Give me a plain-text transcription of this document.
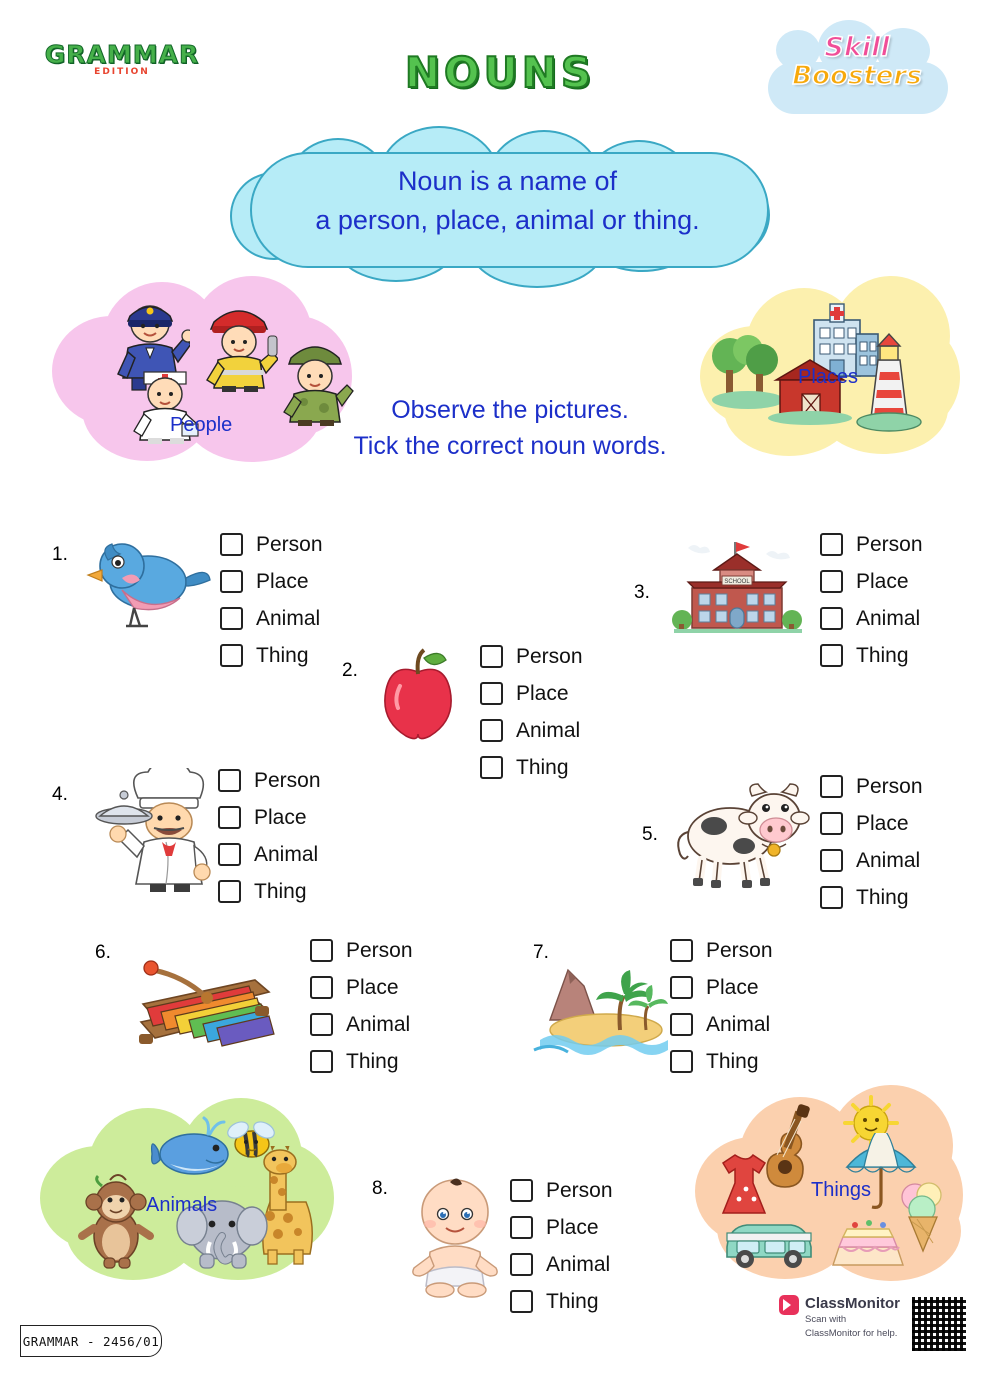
GRAMMAR
EDITION	NOUNS
Skill
Boosters
Noun is a name of
a person, place, animal or thing.
Observe the pictures.
Tick the correct noun words.
People
Places
1.	Person
Place
Animal
Thing
2.
Person
Place
Animal
Thing
3.	SCHOOL
Person
Place
Animal
Thing
4.
Person
Place
Animal
Thing
5.
Person
Place
Animal
Thing
6.	Person
Place
Animal
Thing
7.	Person
Place
Animal
Thing
8.	Person
Place
Animal
Thing
Animals
Things
GRAMMAR - 2456/01
ClassMonitor
Scan with
ClassMonitor for help.
